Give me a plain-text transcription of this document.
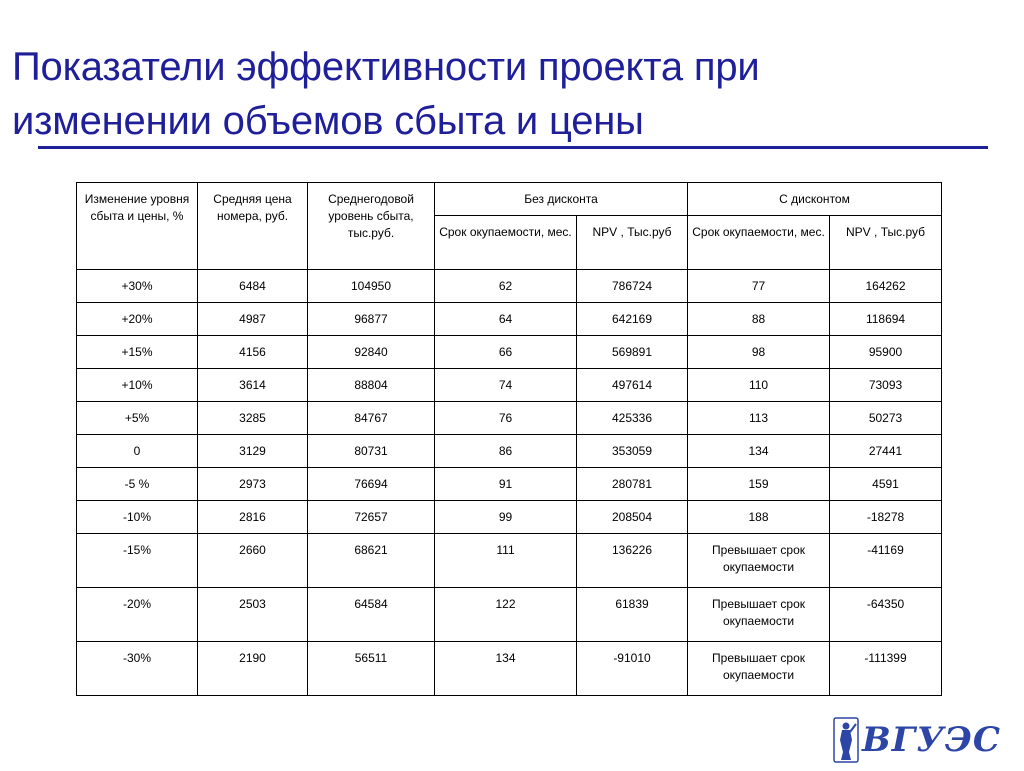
Показатели эффективности проекта при
изменении объемов сбыта и цены
Изменение уровня сбыта и цены, %	Средняя цена номера, руб.	Среднегодовой уровень сбыта, тыс.руб.	Без дисконта		С дисконтом	
			Срок окупаемости, мес.	NPV , Тыс.руб	Срок окупаемости, мес.	NPV , Тыс.руб
+30%	6484	104950	62	786724	77	164262
+20%	4987	96877	64	642169	88	118694
+15%	4156	92840	66	569891	98	95900
+10%	3614	88804	74	497614	110	73093
+5%	3285	84767	76	425336	113	50273
0	3129	80731	86	353059	134	27441
-5 %	2973	76694	91	280781	159	4591
-10%	2816	72657	99	208504	188	-18278
-15%	2660	68621	111	136226	Превышает срок окупаемости	-41169
-20%	2503	64584	122	61839	Превышает срок окупаемости	-64350
-30%	2190	56511	134	-91010	Превышает срок окупаемости	-111399
ВГУЭС
